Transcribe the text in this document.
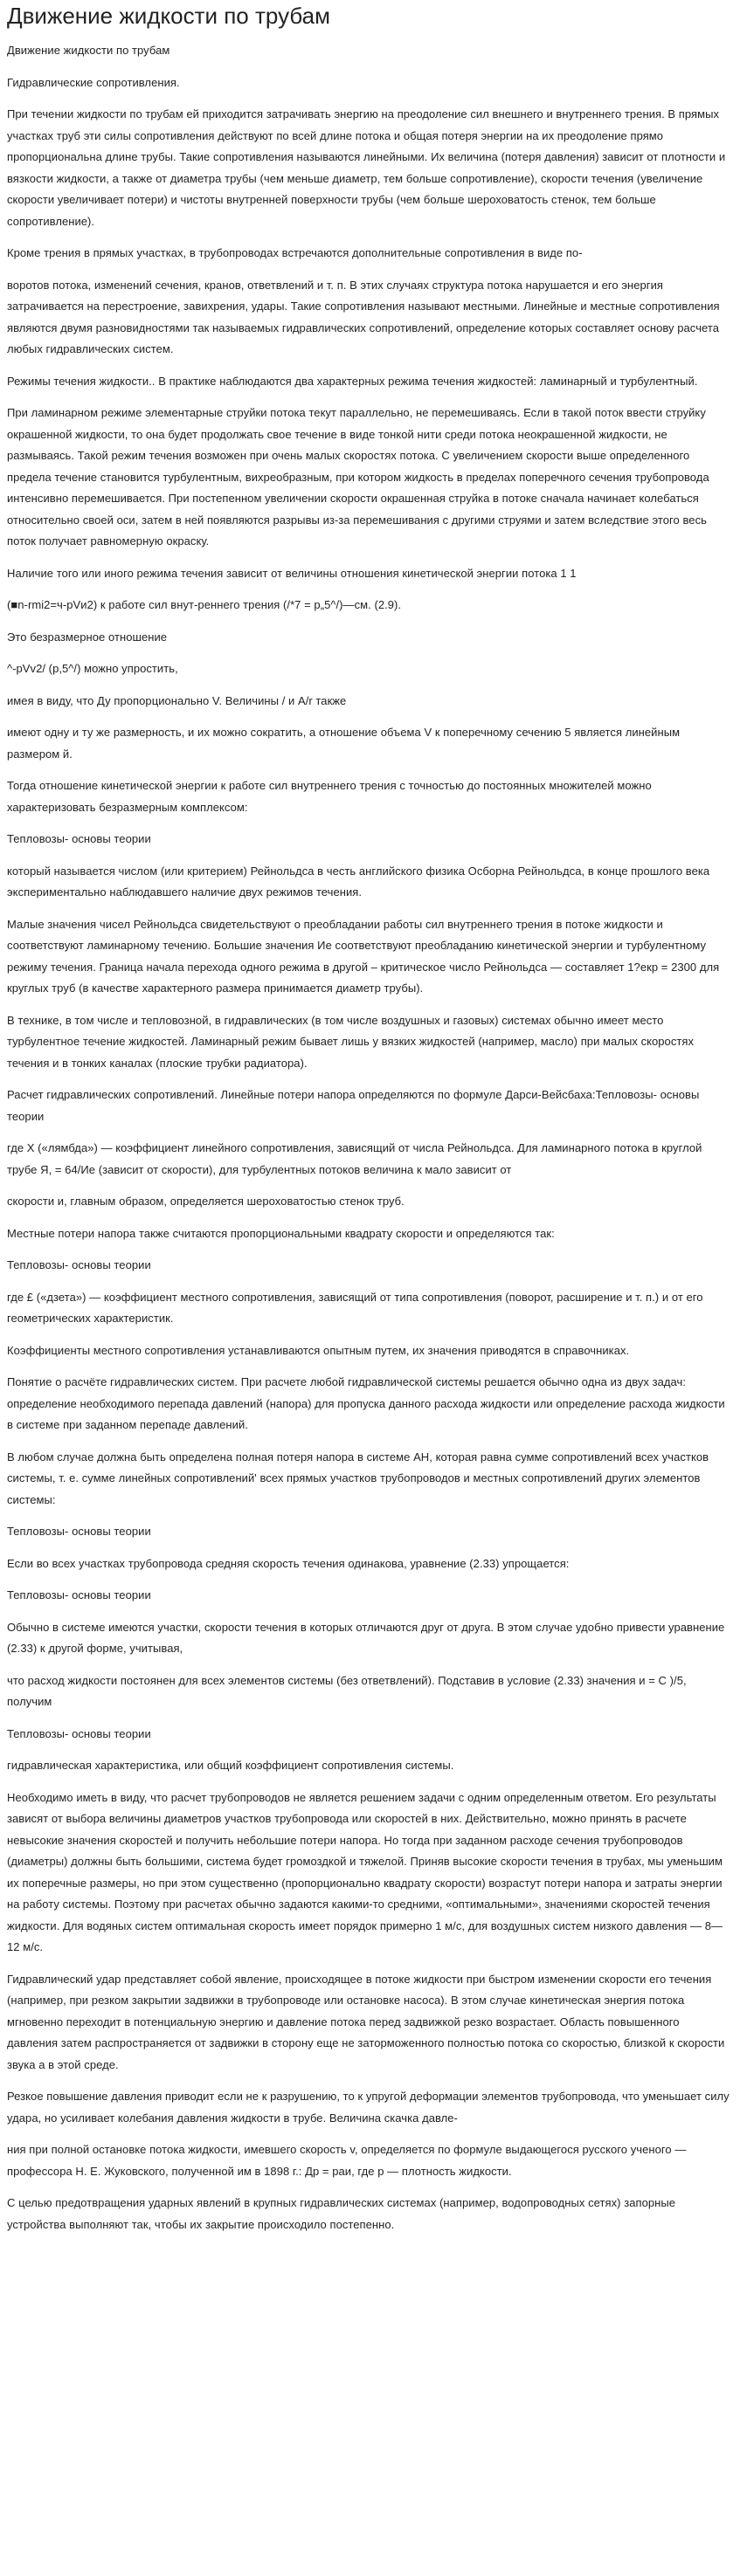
Движение жидкости по трубам

Движение жидкости по трубам

Гидравлические сопротивления.

При течении жидкости по трубам ей приходится затрачивать энергию на преодоление сил внешнего и внутреннего трения. В прямых участках труб эти силы сопротивления действуют по всей длине потока и общая потеря энергии на их преодоление прямо пропорциональна длине трубы. Такие сопротивления называются линейными. Их величина (потеря давления) зависит от плотности и вязкости жидкости, а также от диаметра трубы (чем меньше диаметр, тем больше сопротивление), скорости течения (увеличение скорости увеличивает потери) и чистоты внутренней поверхности трубы (чем больше шероховатость стенок, тем больше сопротивление).

Кроме трения в прямых участках, в трубопроводах встречаются дополнительные сопротивления в виде по-

воротов потока, изменений сечения, кранов, ответвлений и т. п. В этих случаях структура потока нарушается и его энергия затрачивается на перестроение, завихрения, удары. Такие сопротивления называют местными. Линейные и местные сопротивления являются двумя разновидностями так называемых гидравлических сопротивлений, определение которых составляет основу расчета любых гидравлических систем.

Режимы течения жидкости.. В практике наблюдаются два характерных режима течения жидкостей: ламинарный и турбулентный.

При ламинарном режиме элементарные струйки потока текут параллельно, не перемешиваясь. Если в такой поток ввести струйку окрашенной жидкости, то она будет продолжать свое течение в виде тонкой нити среди потока неокрашенной жидкости, не размываясь. Такой режим течения возможен при очень малых скоростях потока. С увеличением скорости выше определенного предела течение становится турбулентным, вихреобразным, при котором жидкость в пределах поперечного сечения трубопровода интенсивно перемешивается. При постепенном увеличении скорости окрашенная струйка в потоке сначала начинает колебаться относительно своей оси, затем в ней появляются разрывы из-за перемешивания с другими струями и затем вследствие этого весь поток получает равномерную окраску.

Наличие того или иного режима течения зависит от величины отношения кинетической энергии потока 1 1

(■n-rmi2=ч-pVи2) к работе сил внут-реннего трения (/*7 = р„5^/)—см. (2.9).

Это безразмерное отношение

^-pVv2/ (р,5^/) можно упростить,

имея в виду, что Ду пропорционально V. Величины / и A/r также

имеют одну и ту же размерность, и их можно сократить, а отношение объема V к поперечному сечению 5 является линейным размером й.

Тогда отношение кинетической энергии к работе сил внутреннего трения с точностью до постоянных множителей можно характеризовать безразмерным комплексом:

Тепловозы- основы теории

который называется числом (или критерием) Рейнольдса в честь английского физика Осборна Рейнольдса, в конце прошлого века экспериментально наблюдавшего наличие двух режимов течения.

Малые значения чисел Рейнольдса свидетельствуют о преобладании работы сил внутреннего трения в потоке жидкости и соответствуют ламинарному течению. Большие значения Ие соответствуют преобладанию кинетической энергии и турбулентному режиму течения. Граница начала перехода одного режима в другой – критическое число Рейнольдса — составляет 1?екр = 2300 для круглых труб (в качестве характерного размера принимается диаметр трубы).

В технике, в том числе и тепловозной, в гидравлических (в том числе воздушных и газовых) системах обычно имеет место турбулентное течение жидкостей. Ламинарный режим бывает лишь у вязких жидкостей (например, масло) при малых скоростях течения и в тонких каналах (плоские трубки радиатора).

Расчет гидравлических сопротивлений. Линейные потери напора определяются по формуле Дарси-Вейсбаха:Тепловозы- основы теории

где X («лямбда») — коэффициент линейного сопротивления, зависящий от числа Рейнольдса. Для ламинарного потока в круглой трубе Я, = 64/Ие (зависит от скорости), для турбулентных потоков величина к мало зависит от

скорости и, главным образом, определяется шероховатостью стенок труб.

Местные потери напора также считаются пропорциональными квадрату скорости и определяются так:

Тепловозы- основы теории

где £ («дзета») — коэффициент местного сопротивления, зависящий от типа сопротивления (поворот, расширение и т. п.) и от его геометрических характеристик.

Коэффициенты местного сопротивления устанавливаются опытным путем, их значения приводятся в справочниках.

Понятие о расчёте гидравлических систем. При расчете любой гидравлической системы решается обычно одна из двух задач: определение необходимого перепада давлений (напора) для пропуска данного расхода жидкости или определение расхода жидкости в системе при заданном перепаде давлений.

В любом случае должна быть определена полная потеря напора в системе АН, которая равна сумме сопротивлений всех участков системы, т. е. сумме линейных сопротивлений' всех прямых участков трубопроводов и местных сопротивлений других элементов системы:

Тепловозы- основы теории

Если во всех участках трубопровода средняя скорость течения одинакова, уравнение (2.33) упрощается:

Тепловозы- основы теории

Обычно в системе имеются участки, скорости течения в которых отличаются друг от друга. В этом случае удобно привести уравнение (2.33) к другой форме, учитывая,

что расход жидкости постоянен для всех элементов системы (без ответвлений). Подставив в условие (2.33) значения и = С )/5, получим

Тепловозы- основы теории

гидравлическая характеристика, или общий коэффициент сопротивления системы.

Необходимо иметь в виду, что расчет трубопроводов не является решением задачи с одним определенным ответом. Его результаты зависят от выбора величины диаметров участков трубопровода или скоростей в них. Действительно, можно принять в расчете невысокие значения скоростей и получить небольшие потери напора. Но тогда при заданном расходе сечения трубопроводов (диаметры) должны быть большими, система будет громоздкой и тяжелой. Приняв высокие скорости течения в трубах, мы уменьшим их поперечные размеры, но при этом существенно (пропорционально квадрату скорости) возрастут потери напора и затраты энергии на работу системы. Поэтому при расчетах обычно задаются какими-то средними, «оптимальными», значениями скоростей течения жидкости. Для водяных систем оптимальная скорость имеет порядок примерно 1 м/с, для воздушных систем низкого давления — 8—12 м/с.

Гидравлический удар представляет собой явление, происходящее в потоке жидкости при быстром изменении скорости его течения (например, при резком закрытии задвижки в трубопроводе или остановке насоса). В этом случае кинетическая энергия потока мгновенно переходит в потенциальную энергию и давление потока перед задвижкой резко возрастает. Область повышенного давления затем распространяется от задвижки в сторону еще не заторможенного полностью потока со скоростью, близкой к скорости звука а в этой среде.

Резкое повышение давления приводит если не к разрушению, то к упругой деформации элементов трубопровода, что уменьшает силу удара, но усиливает колебания давления жидкости в трубе. Величина скачка давле-

ния при полной остановке потока жидкости, имевшего скорость v, определяется по формуле выдающегося русского ученого — профессора Н. Е. Жуковского, полученной им в 1898 г.: Др = раи, где р — плотность жидкости.

С целью предотвращения ударных явлений в крупных гидравлических системах (например, водопроводных сетях) запорные устройства выполняют так, чтобы их закрытие происходило постепенно.
